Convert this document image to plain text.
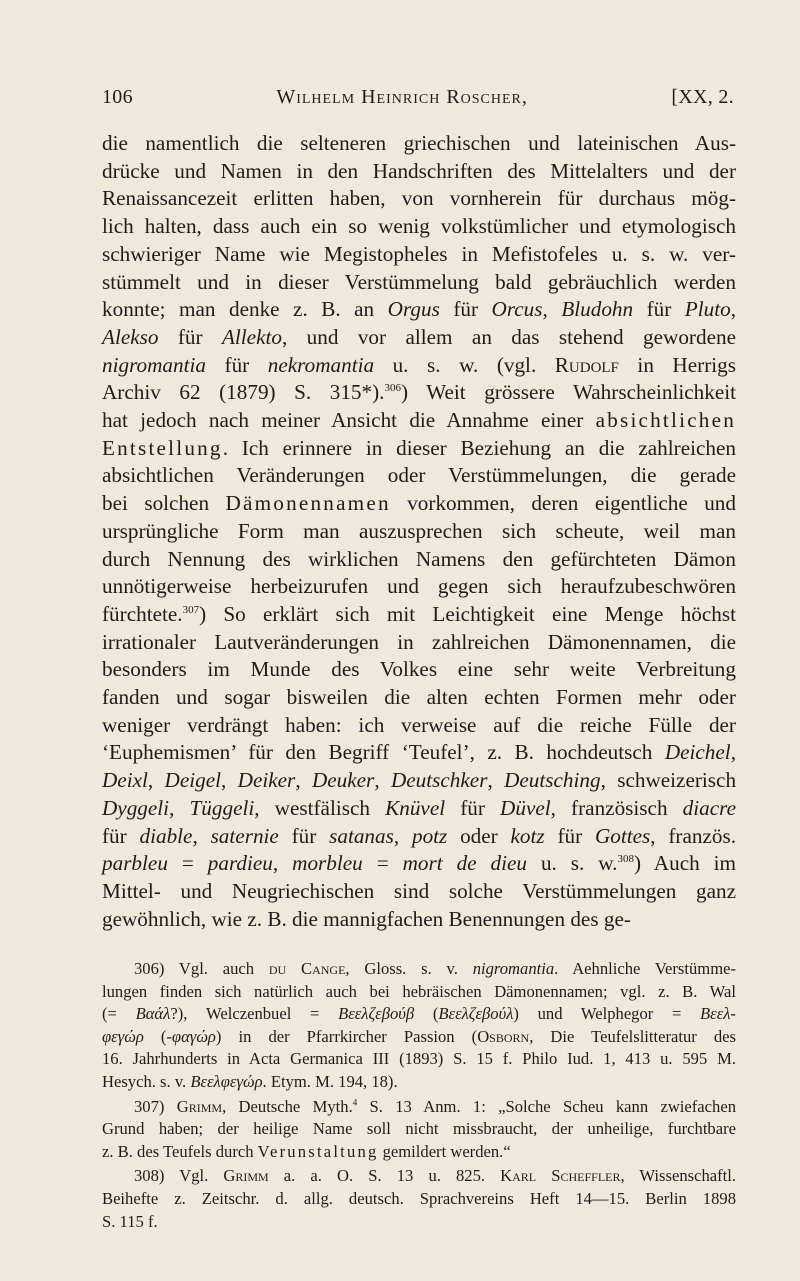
106	Wilhelm Heinrich Roscher,	[XX, 2.
die namentlich die selteneren griechischen und lateinischen Aus-
drücke und Namen in den Handschriften des Mittelalters und der
Renaissancezeit erlitten haben, von vornherein für durchaus mög-
lich halten, dass auch ein so wenig volkstümlicher und etymologisch
schwieriger Name wie Megistopheles in Mefistofeles u. s. w. ver-
stümmelt und in dieser Verstümmelung bald gebräuchlich werden
konnte; man denke z. B. an Orgus für Orcus, Bludohn für Pluto,
Alekso für Allekto, und vor allem an das stehend gewordene
nigromantia für nekromantia u. s. w. (vgl. Rudolf in Herrigs
Archiv 62 (1879) S. 315*).$^{306}$) Weit grössere Wahrscheinlichkeit
hat jedoch nach meiner Ansicht die Annahme einer absichtlichen
Entstellung. Ich erinnere in dieser Beziehung an die zahlreichen
absichtlichen Veränderungen oder Verstümmelungen, die gerade
bei solchen Dämonennamen vorkommen, deren eigentliche und
ursprüngliche Form man auszusprechen sich scheute, weil man
durch Nennung des wirklichen Namens den gefürchteten Dämon
unnötigerweise herbeizurufen und gegen sich heraufzubeschwören
fürchtete.$^{307}$) So erklärt sich mit Leichtigkeit eine Menge höchst
irrationaler Lautveränderungen in zahlreichen Dämonennamen, die
besonders im Munde des Volkes eine sehr weite Verbreitung
fanden und sogar bisweilen die alten echten Formen mehr oder
weniger verdrängt haben: ich verweise auf die reiche Fülle der
‘Euphemismen’ für den Begriff ‘Teufel’, z. B. hochdeutsch Deichel,
Deixl, Deigel, Deiker, Deuker, Deutschker, Deutsching, schweizerisch
Dyggeli, Tüggeli, westfälisch Knüvel für Düvel, französisch diacre
für diable, saternie für satanas, potz oder kotz für Gottes, französ.
parbleu = pardieu, morbleu = mort de dieu u. s. w.$^{308}$) Auch im
Mittel- und Neugriechischen sind solche Verstümmelungen ganz
gewöhnlich, wie z. B. die mannigfachen Benennungen des ge-
306) Vgl. auch du Cange, Gloss. s. v. nigromantia. Aehnliche Verstümme-
lungen finden sich natürlich auch bei hebräischen Dämonennamen; vgl. z. B. Wal
(= Βαάλ?), Welczenbuel = Βεελζεβούβ (Βεελζεβούλ) und Welphegor = Βεελ-
φεγώρ (-φαγώρ) in der Pfarrkircher Passion (Osborn, Die Teufelslitteratur des
16. Jahrhunderts in Acta Germanica III (1893) S. 15 f. Philo Iud. 1, 413 u. 595 M.
Hesych. s. v. Βεελφεγώρ. Etym. M. 194, 18).
307) Grimm, Deutsche Myth.$^4$ S. 13 Anm. 1: „Solche Scheu kann zwiefachen
Grund haben; der heilige Name soll nicht missbraucht, der unheilige, furchtbare
z. B. des Teufels durch Verunstaltung gemildert werden.“
308) Vgl. Grimm a. a. O. S. 13 u. 825. Karl Scheffler, Wissenschaftl.
Beihefte z. Zeitschr. d. allg. deutsch. Sprachvereins Heft 14—15. Berlin 1898
S. 115 f.
